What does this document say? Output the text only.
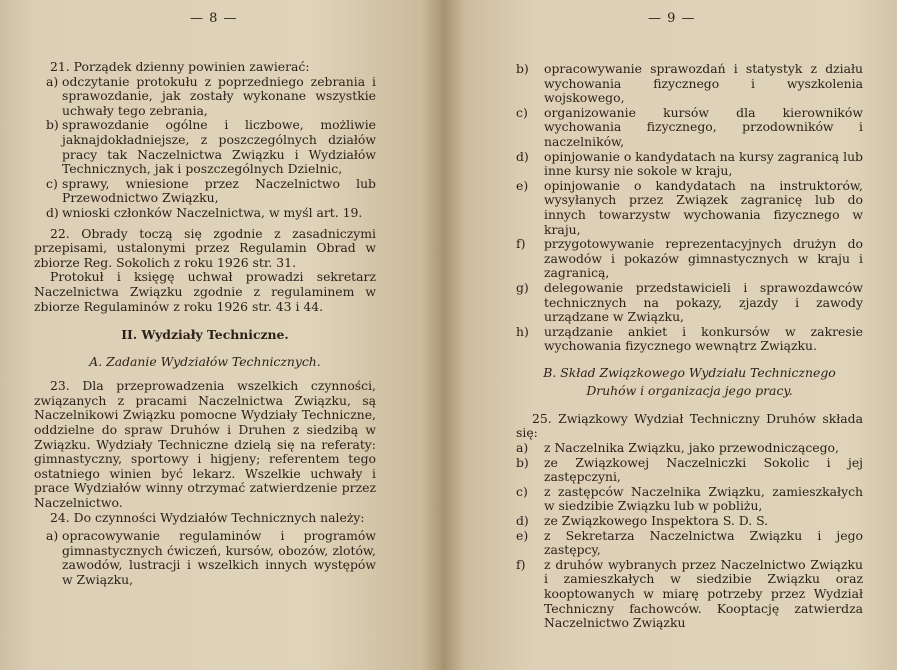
— 8 —

21. Porządek dzienny powinien zawierać:

a) odczytanie protokułu z poprzedniego zebrania i sprawozdanie, jak zostały wykonane wszystkie uchwały tego zebrania,
b) sprawozdanie ogólne i liczbowe, możliwie jaknajdokładniejsze, z poszczególnych działów pracy tak Naczelnictwa Związku i Wydziałów Technicznych, jak i poszczególnych Dzielnic,
c) sprawy, wniesione przez Naczelnictwo lub Przewodnictwo Związku,
d) wnioski członków Naczelnictwa, w myśl art. 19.

22. Obrady toczą się zgodnie z zasadniczymi przepisami, ustalonymi przez Regulamin Obrad w zbiorze Reg. Sokolich z roku 1926 str. 31.

Protokuł i księgę uchwał prowadzi sekretarz Naczelnictwa Związku zgodnie z regulaminem w zbiorze Regulaminów z roku 1926 str. 43 i 44.

II. Wydziały Techniczne.
A. Zadanie Wydziałów Technicznych.

23. Dla przeprowadzenia wszelkich czynności, związanych z pracami Naczelnictwa Związku, są Naczelnikowi Związku pomocne Wydziały Techniczne, oddzielne do spraw Druhów i Druhen z siedzibą w Związku. Wydziały Techniczne dzielą się na referaty: gimnastyczny, sportowy i higjeny; referentem tego ostatniego winien być lekarz. Wszelkie uchwały i prace Wydziałów winny otrzymać zatwierdzenie przez Naczelnictwo.

24. Do czynności Wydziałów Technicznych należy:

a) opracowywanie regulaminów i programów gimnastycznych ćwiczeń, kursów, obozów, zlotów, zawodów, lustracji i wszelkich innych występów w Związku,
— 9 —
b)	opracowywanie sprawozdań i statystyk z działu wychowania fizycznego i wyszkolenia wojskowego,
c)	organizowanie kursów dla kierowników wychowania fizycznego, przodowników i naczelników,
d)	opinjowanie o kandydatach na kursy zagranicą lub inne kursy nie sokole w kraju,
e)	opinjowanie o kandydatach na instruktorów, wysyłanych przez Związek zagranicę lub do innych towarzystw wychowania fizycznego w kraju,
f)	przygotowywanie reprezentacyjnych drużyn do zawodów i pokazów gimnastycznych w kraju i zagranicą,
g)	delegowanie przedstawicieli i sprawozdawców technicznych na pokazy, zjazdy i zawody urządzane w Związku,
h)	urządzanie ankiet i konkursów w zakresie wychowania fizycznego wewnątrz Związku.
B. Skład Związkowego Wydziału Technicznego
Druhów i organizacja jego pracy.

25. Związkowy Wydział Techniczny Druhów składa się:

a)	z Naczelnika Związku, jako przewodniczącego,
b)	ze Związkowej Naczelniczki Sokolic i jej zastępczyni,
c)	z zastępców Naczelnika Związku, zamieszkałych w siedzibie Związku lub w pobliżu,
d)	ze Związkowego Inspektora S. D. S.
e)	z Sekretarza Naczelnictwa Związku i jego zastępcy,
f)	z druhów wybranych przez Naczelnictwo Związku i zamieszkałych w siedzibie Związku oraz kooptowanych w miarę potrzeby przez Wydział Techniczny fachowców. Kooptację zatwierdza Naczelnictwo Związku
